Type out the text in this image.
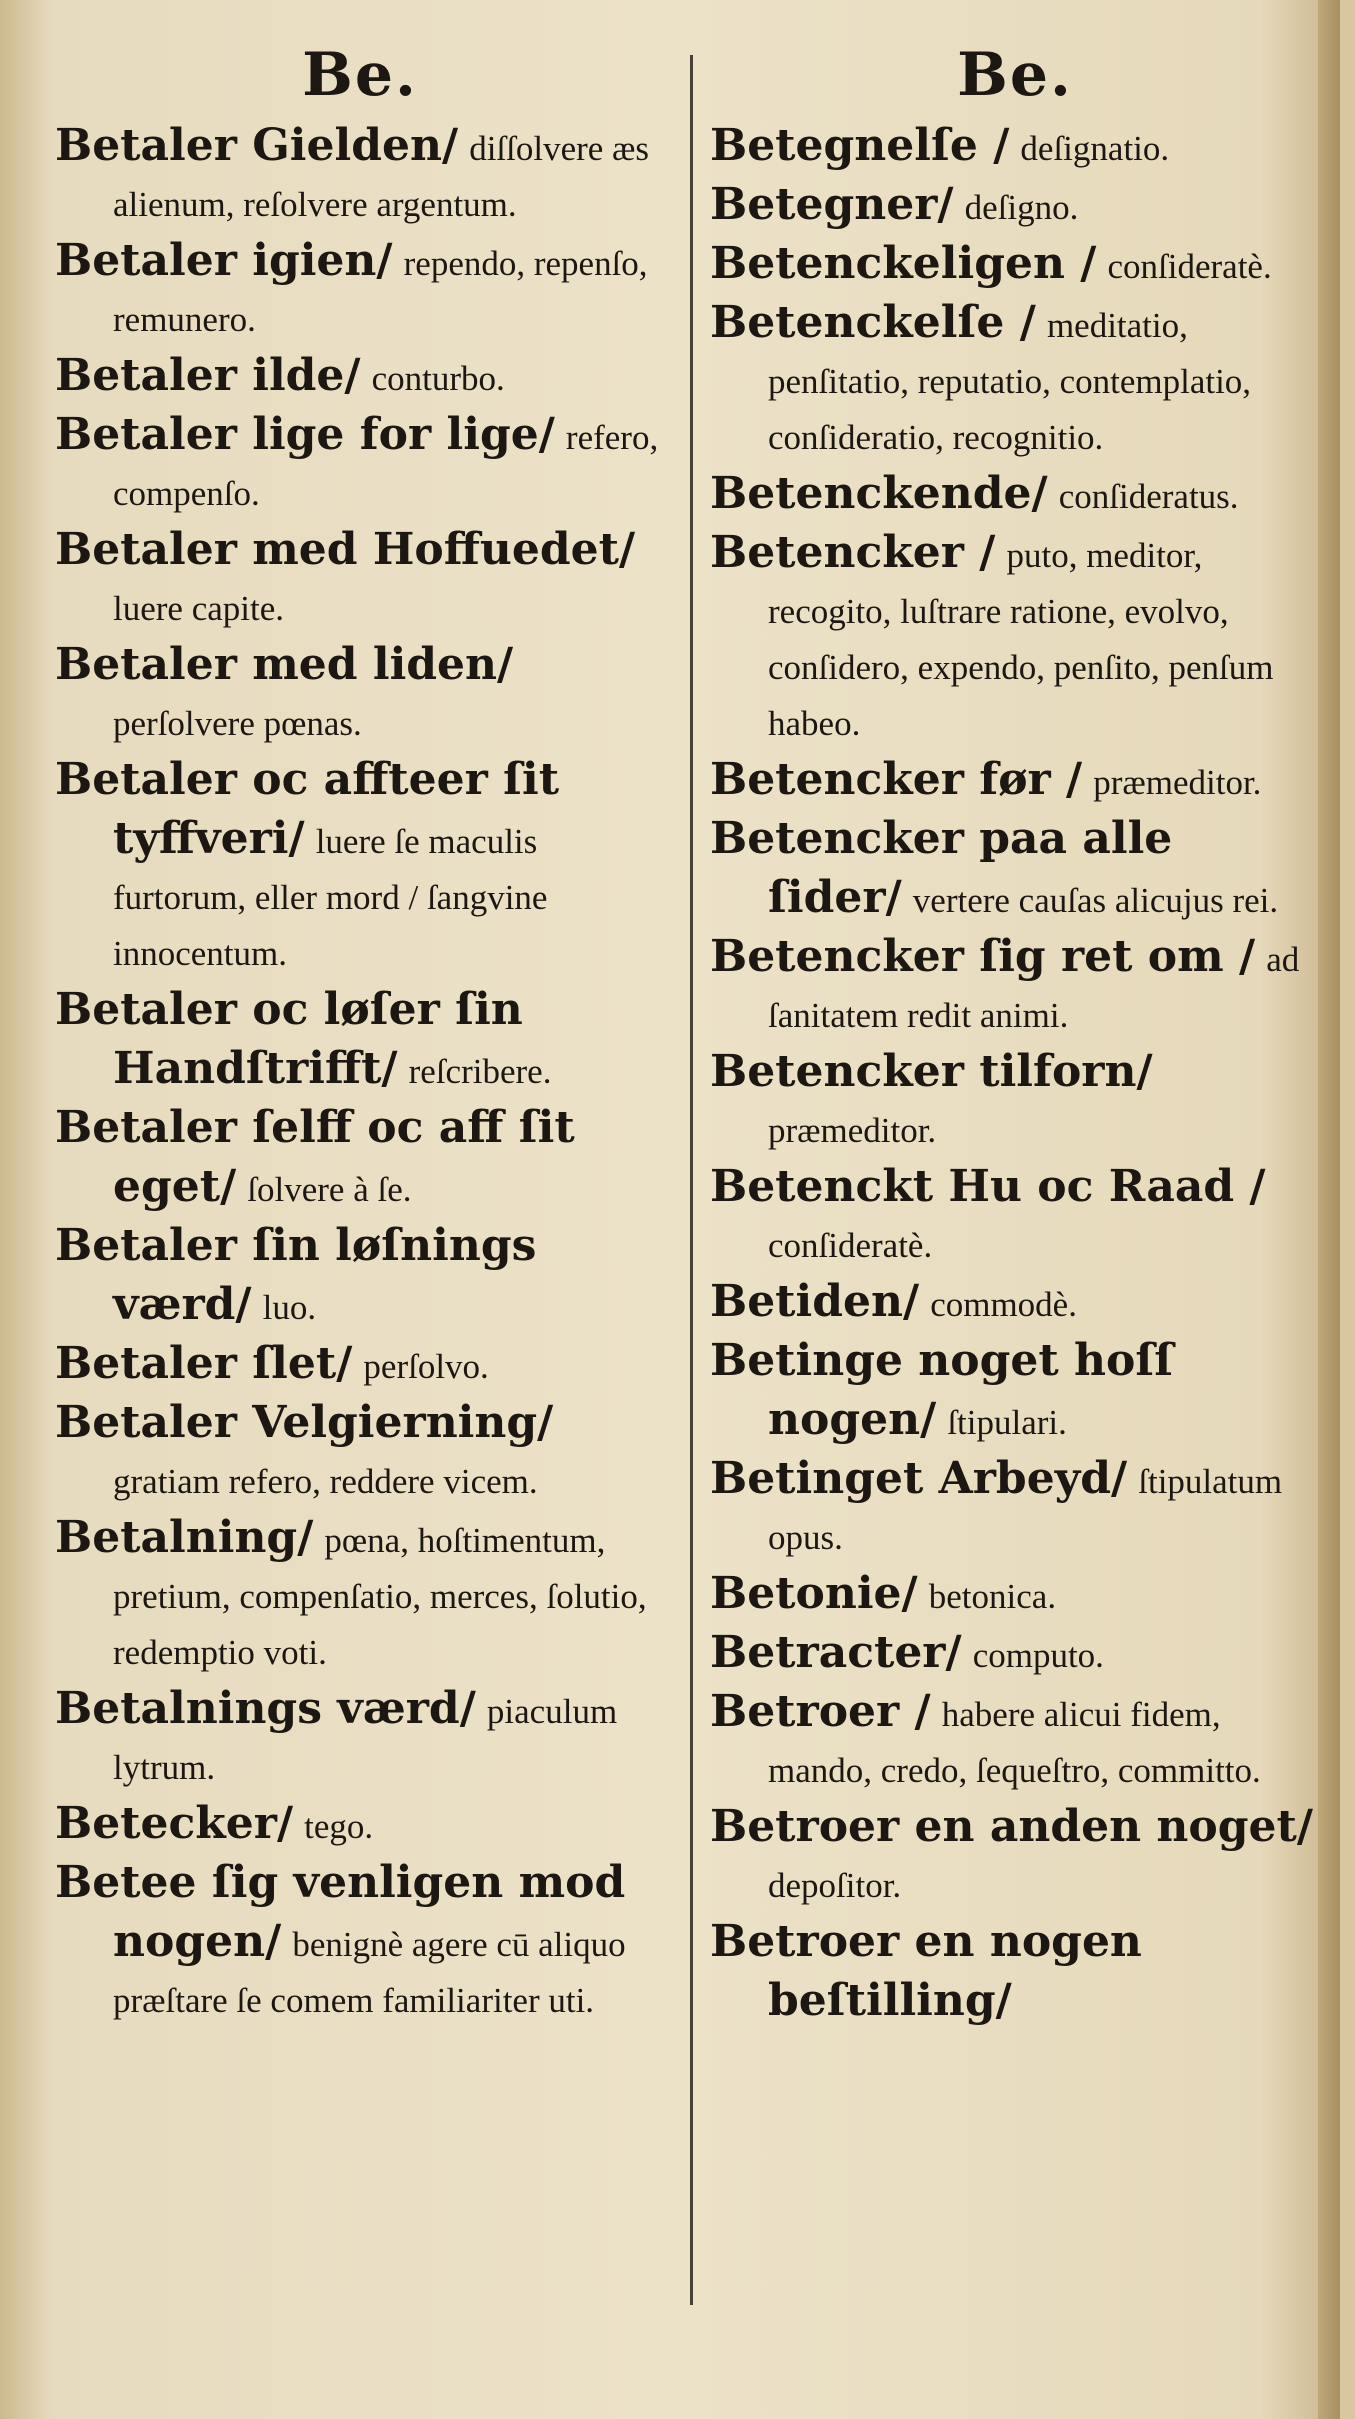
Be.

Betaler Gielden/ diſſolvere æs alienum, reſolvere argentum.

Betaler igien/ rependo, repenſo, remunero.

Betaler ilde/ conturbo.

Betaler lige for lige/ refero, compenſo.

Betaler med Hoffuedet/ luere capite.

Betaler med liden/ perſolvere pœnas.

Betaler oc affteer ſit tyffveri/ luere ſe maculis furtorum, eller mord / ſangvine innocentum.

Betaler oc løſer ſin Handſtrifft/ reſcribere.

Betaler ſelff oc aff ſit eget/ ſolvere à ſe.

Betaler ſin løſnings værd/ luo.

Betaler ſlet/ perſolvo.

Betaler Velgierning/ gratiam refero, reddere vicem.

Betalning/ pœna, hoſtimentum, pretium, compenſatio, merces, ſolutio, redemptio voti.

Betalnings værd/ piaculum lytrum.

Betecker/ tego.

Betee ſig venligen mod nogen/ benignè agere cū aliquo præſtare ſe comem familiariter uti.

Be.

Betegnelſe / deſignatio.

Betegner/ deſigno.

Betenckeligen / conſideratè.

Betenckelſe / meditatio, penſitatio, reputatio, contemplatio, conſideratio, recognitio.

Betenckende/ conſideratus.

Betencker / puto, meditor, recogito, luſtrare ratione, evolvo, conſidero, expendo, penſito, penſum habeo.

Betencker før / præmeditor.

Betencker paa alle ſider/ vertere cauſas alicujus rei.

Betencker ſig ret om / ad ſanitatem redit animi.

Betencker tilforn/ præmeditor.

Betenckt Hu oc Raad / conſideratè.

Betiden/ commodè.

Betinge noget hoſſ nogen/ ſtipulari.

Betinget Arbeyd/ ſtipulatum opus.

Betonie/ betonica.

Betracter/ computo.

Betroer / habere alicui fidem, mando, credo, ſequeſtro, committo.

Betroer en anden noget/ depoſitor.

Betroer en nogen beſtilling/
